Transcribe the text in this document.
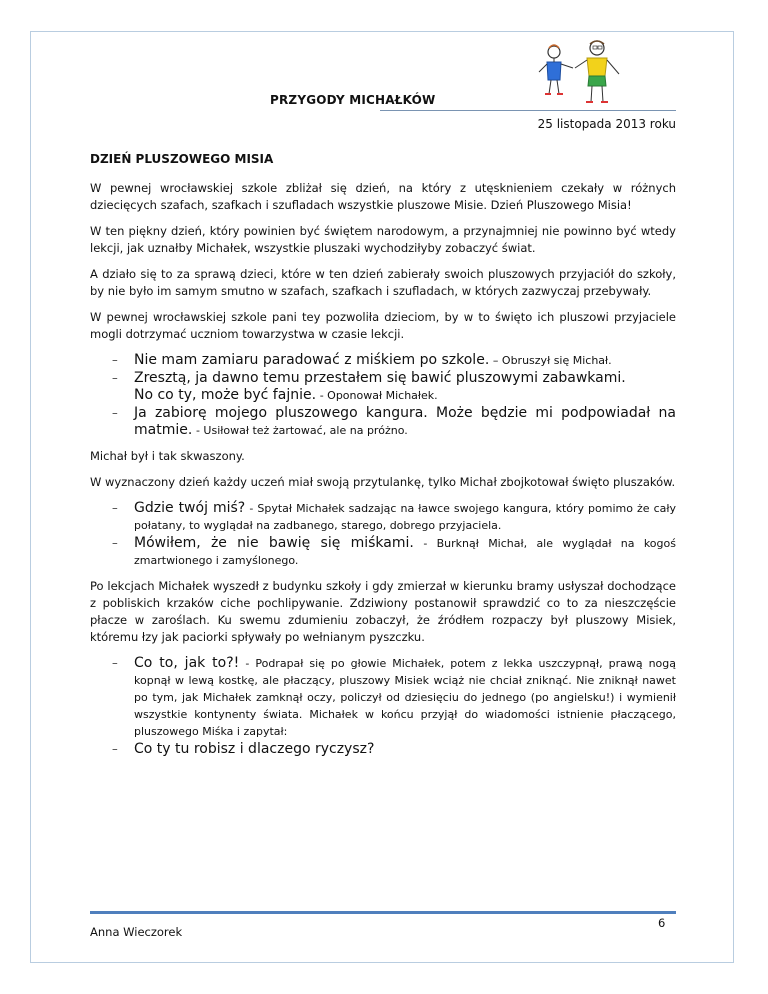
PRZYGODY MICHAŁKÓW
25 listopada 2013 roku
DZIEŃ PLUSZOWEGO MISIA

W pewnej wrocławskiej szkole zbliżał się dzień, na który z utęsknieniem czekały w różnych dziecięcych szafach, szafkach i szufladach wszystkie pluszowe Misie. Dzień Pluszowego Misia!

W ten piękny dzień, który powinien być świętem narodowym, a przynajmniej nie powinno być wtedy lekcji, jak uznałby Michałek, wszystkie pluszaki wychodziłyby zobaczyć świat.

A działo się to za sprawą dzieci, które w ten dzień zabierały swoich pluszowych przyjaciół do szkoły, by nie było im samym smutno w szafach, szafkach i szufladach, w których zazwyczaj przebywały.

W pewnej wrocławskiej szkole pani tey pozwoliła dzieciom, by w to święto ich pluszowi przyjaciele mogli dotrzymać uczniom towarzystwa w czasie lekcji.

– Nie mam zamiaru paradować z miśkiem po szkole. – Obruszył się Michał.
– Zresztą, ja dawno temu przestałem się bawić pluszowymi zabawkami.
No co ty, może być fajnie. - Oponował Michałek.
– Ja zabiorę mojego pluszowego kangura. Może będzie mi podpowiadał na matmie. - Usiłował też żartować, ale na próżno.

Michał był i tak skwaszony.

W wyznaczony dzień każdy uczeń miał swoją przytulankę, tylko Michał zbojkotował święto pluszaków.

– Gdzie twój miś? - Spytał Michałek sadzając na ławce swojego kangura, który pomimo że cały połatany, to wyglądał na zadbanego, starego, dobrego przyjaciela.
– Mówiłem, że nie bawię się miśkami. - Burknął Michał, ale wyglądał na kogoś zmartwionego i zamyślonego.

Po lekcjach Michałek wyszedł z budynku szkoły i gdy zmierzał w kierunku bramy usłyszał dochodzące z pobliskich krzaków ciche pochlipywanie. Zdziwiony postanowił sprawdzić co to za nieszczęście płacze w zaroślach. Ku swemu zdumieniu zobaczył, że źródłem rozpaczy był pluszowy Misiek, któremu łzy jak paciorki spływały po wełnianym pyszczku.

– Co to, jak to?! - Podrapał się po głowie Michałek, potem z lekka uszczypnął, prawą nogą kopnął w lewą kostkę, ale płaczący, pluszowy Misiek wciąż nie chciał zniknąć. Nie zniknął nawet po tym, jak Michałek zamknął oczy, policzył od dziesięciu do jednego (po angielsku!) i wymienił wszystkie kontynenty świata. Michałek w końcu przyjął do wiadomości istnienie płaczącego, pluszowego Miśka i zapytał:
– Co ty tu robisz i dlaczego ryczysz?
Anna Wieczorek
6
